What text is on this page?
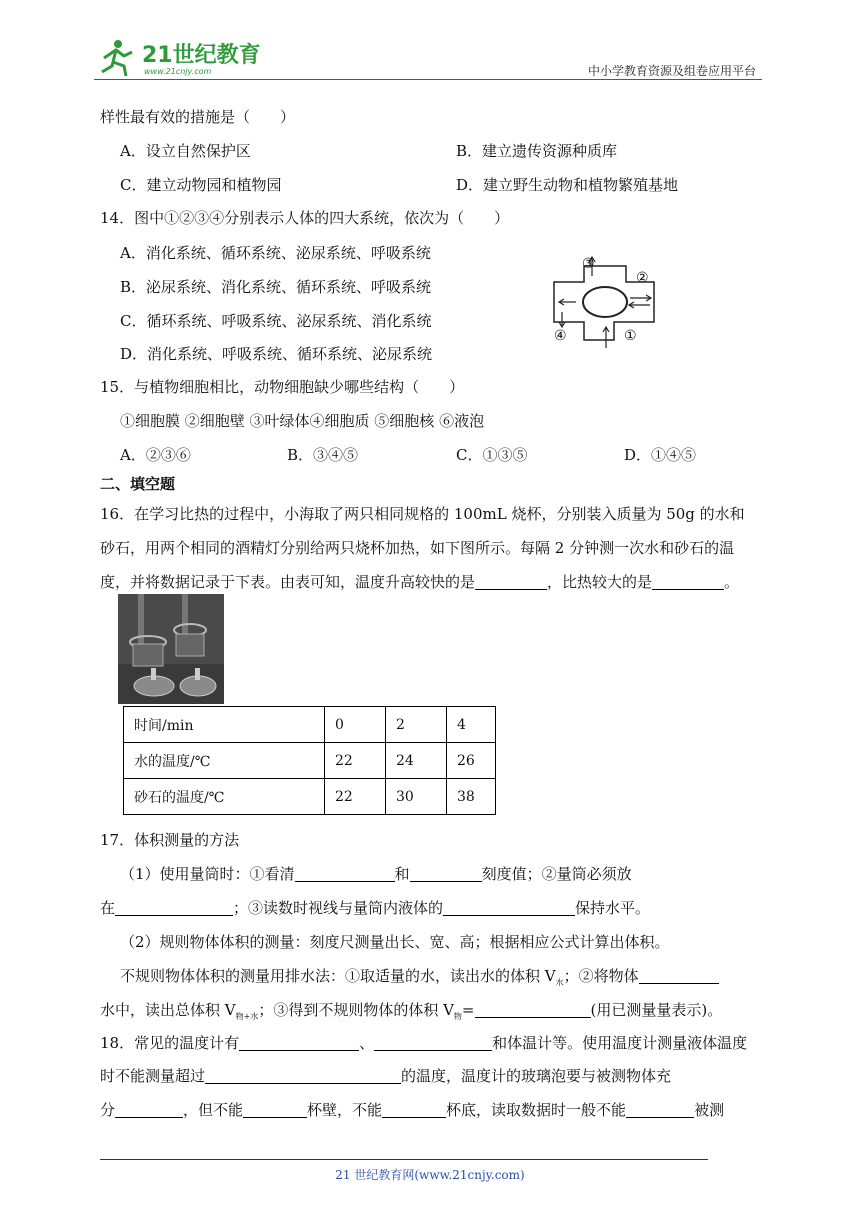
21世纪教育
www.21cnjy.com	中小学教育资源及组卷应用平台
样性最有效的措施是（　　）
A．设立自然保护区	B．建立遗传资源种质库
C．建立动物园和植物园	D．建立野生动物和植物繁殖基地
14．图中①②③④分别表示人体的四大系统，依次为（　　）
A．消化系统、循环系统、泌尿系统、呼吸系统
B．泌尿系统、消化系统、循环系统、呼吸系统
C．循环系统、呼吸系统、泌尿系统、消化系统
D．消化系统、呼吸系统、循环系统、泌尿系统
③
②
④	①
15．与植物细胞相比，动物细胞缺少哪些结构（　　）
①细胞膜 ②细胞壁 ③叶绿体④细胞质 ⑤细胞核 ⑥液泡
A．②③⑥	B．③④⑤	C．①③⑤	D．①④⑤
二、填空题
16．在学习比热的过程中，小海取了两只相同规格的 100mL 烧杯，分别装入质量为 50g 的水和
砂石，用两个相同的酒精灯分别给两只烧杯加热，如下图所示。每隔 2 分钟测一次水和砂石的温
度，并将数据记录于下表。由表可知，温度升高较快的是	，比热较大的是	。
时间/min	0	2	4
水的温度/℃	22	24	26
砂石的温度/℃	22	30	38
17．体积测量的方法
（1）使用量筒时：①看清	和	刻度值；②量筒必须放
在	；③读数时视线与量筒内液体的	保持水平。
（2）规则物体体积的测量：刻度尺测量出长、宽、高；根据相应公式计算出体积。
不规则物体体积的测量用排水法：①取适量的水，读出水的体积 $V_水$；②将物体
水中，读出总体积 $V_{物+水}$；③得到不规则物体的体积 $V_物=$	(用已测量量表示)。
18．常见的温度计有	、	和体温计等。使用温度计测量液体温度
时不能测量超过	的温度，温度计的玻璃泡要与被测物体充
分	，但不能	杯壁，不能	杯底，读取数据时一般不能	被测
21 世纪教育网(www.21cnjy.com)
